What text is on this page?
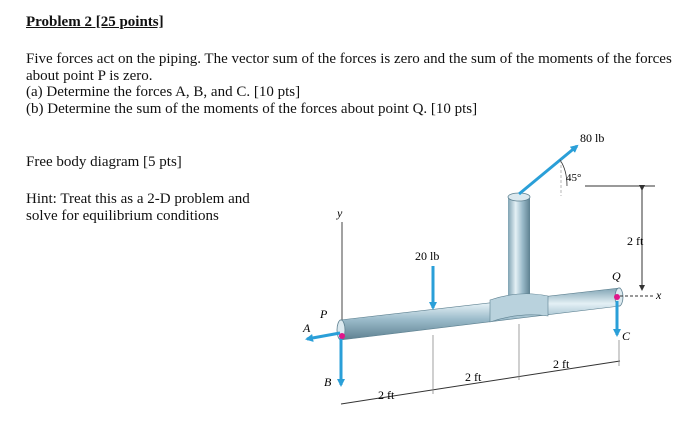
Problem 2 [25 points]

Five forces act on the piping. The vector sum of the forces is zero and the sum of the moments of the forces about point P is zero.

(a) Determine the forces A, B, and C. [10 pts]

(b) Determine the sum of the moments of the forces about point Q. [10 pts]

Free body diagram [5 pts]

Hint: Treat this as a 2-D problem and

solve for equilibrium conditions	y
2 ft
x
80 lb
45°
20 lb
A
B
C
P
Q
2 ft
2 ft
2 ft
